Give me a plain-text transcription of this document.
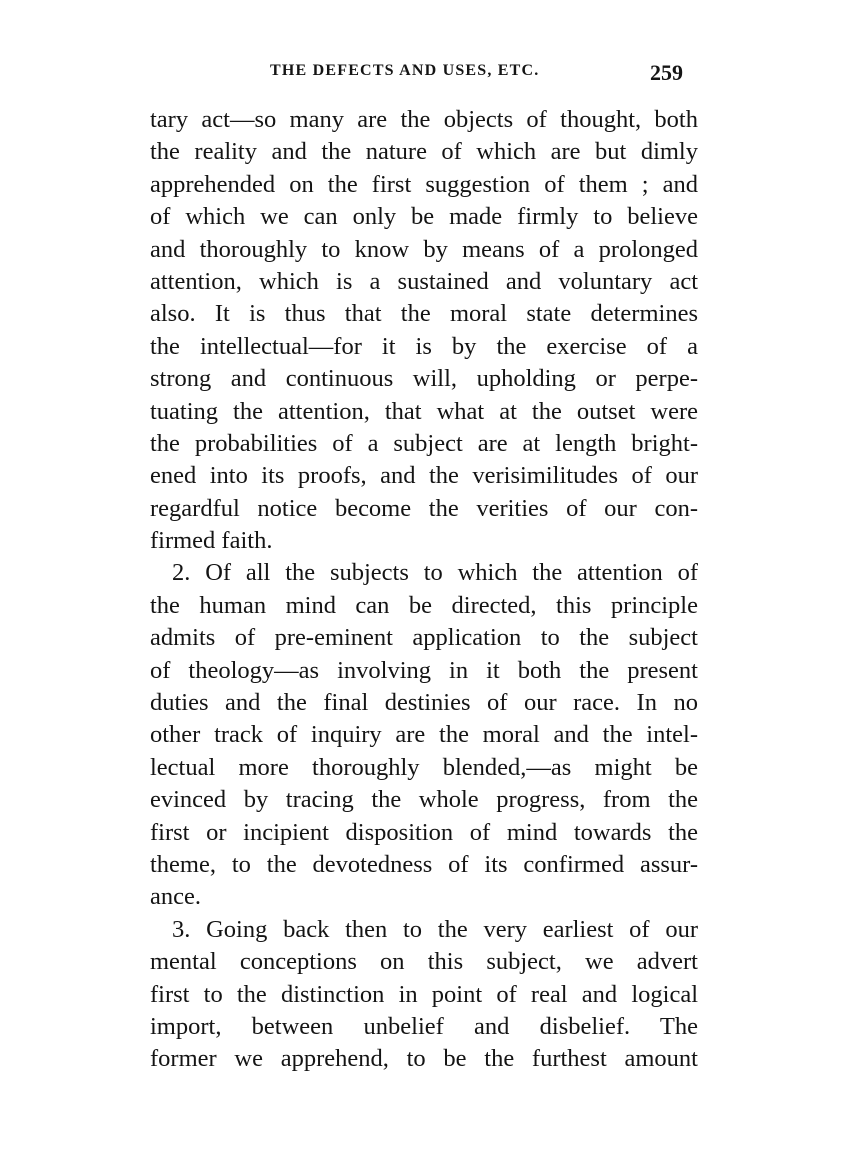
THE DEFECTS AND USES, ETC.	259
tary act—so many are the objects of thought, both
the reality and the nature of which are but dimly
apprehended on the first suggestion of them ; and
of which we can only be made firmly to believe
and thoroughly to know by means of a prolonged
attention, which is a sustained and voluntary act
also. It is thus that the moral state determines
the intellectual—for it is by the exercise of a
strong and continuous will, upholding or perpe-
tuating the attention, that what at the outset were
the probabilities of a subject are at length bright-
ened into its proofs, and the verisimilitudes of our
regardful notice become the verities of our con-
firmed faith.
2. Of all the subjects to which the attention of
the human mind can be directed, this principle
admits of pre-eminent application to the subject
of theology—as involving in it both the present
duties and the final destinies of our race. In no
other track of inquiry are the moral and the intel-
lectual more thoroughly blended,—as might be
evinced by tracing the whole progress, from the
first or incipient disposition of mind towards the
theme, to the devotedness of its confirmed assur-
ance.
3. Going back then to the very earliest of our
mental conceptions on this subject, we advert
first to the distinction in point of real and logical
import, between unbelief and disbelief. The
former we apprehend, to be the furthest amount
